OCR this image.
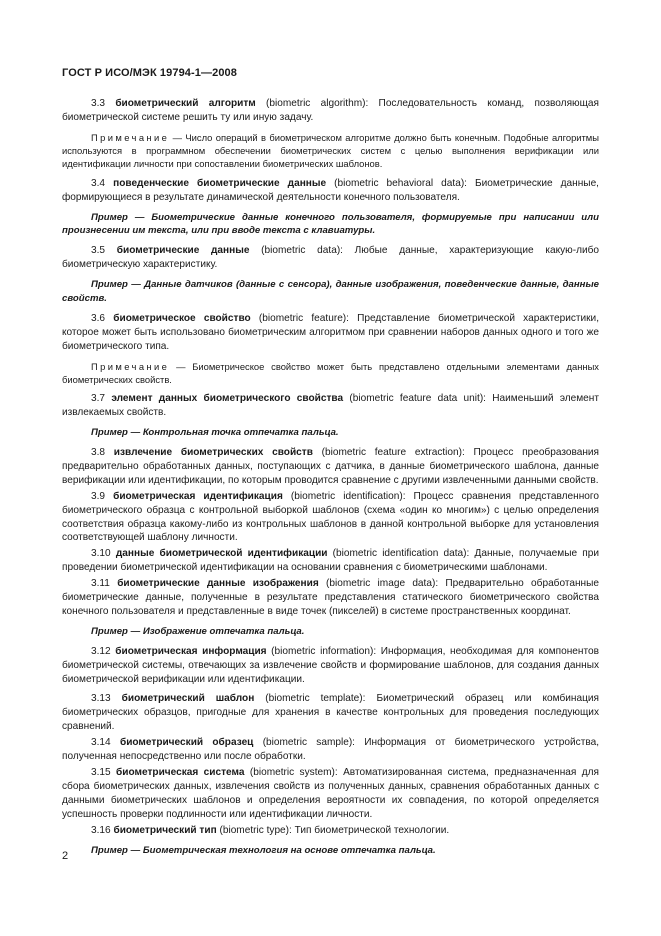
ГОСТ Р ИСО/МЭК 19794-1—2008

3.3 биометрический алгоритм (biometric algorithm): Последовательность команд, позволяющая биометрической системе решить ту или иную задачу.

Примечание — Число операций в биометрическом алгоритме должно быть конечным. Подобные алгоритмы используются в программном обеспечении биометрических систем с целью выполнения верификации или идентификации личности при сопоставлении биометрических шаблонов.

3.4 поведенческие биометрические данные (biometric behavioral data): Биометрические данные, формирующиеся в результате динамической деятельности конечного пользователя.

Пример — Биометрические данные конечного пользователя, формируемые при написании или произнесении им текста, или при вводе текста с клавиатуры.

3.5 биометрические данные (biometric data): Любые данные, характеризующие какую-либо биометрическую характеристику.

Пример — Данные датчиков (данные с сенсора), данные изображения, поведенческие данные, данные свойств.

3.6 биометрическое свойство (biometric feature): Представление биометрической характеристики, которое может быть использовано биометрическим алгоритмом при сравнении наборов данных одного и того же биометрического типа.

Примечание — Биометрическое свойство может быть представлено отдельными элементами данных биометрических свойств.

3.7 элемент данных биометрического свойства (biometric feature data unit): Наименьший элемент извлекаемых свойств.

Пример — Контрольная точка отпечатка пальца.

3.8 извлечение биометрических свойств (biometric feature extraction): Процесс преобразования предварительно обработанных данных, поступающих с датчика, в данные биометрического шаблона, данные верификации или идентификации, по которым проводится сравнение с другими извлеченными данными свойств.

3.9 биометрическая идентификация (biometric identification): Процесс сравнения представленного биометрического образца с контрольной выборкой шаблонов (схема «один ко многим») с целью определения соответствия образца какому-либо из контрольных шаблонов в данной контрольной выборке для установления соответствующей шаблону личности.

3.10 данные биометрической идентификации (biometric identification data): Данные, получаемые при проведении биометрической идентификации на основании сравнения с биометрическими шаблонами.

3.11 биометрические данные изображения (biometric image data): Предварительно обработанные биометрические данные, полученные в результате представления статического биометрического свойства конечного пользователя и представленные в виде точек (пикселей) в системе пространственных координат.

Пример — Изображение отпечатка пальца.

3.12 биометрическая информация (biometric information): Информация, необходимая для компонентов биометрической системы, отвечающих за извлечение свойств и формирование шаблонов, для создания данных биометрической верификации или идентификации.

3.13 биометрический шаблон (biometric template): Биометрический образец или комбинация биометрических образцов, пригодные для хранения в качестве контрольных для проведения последующих сравнений.

3.14 биометрический образец (biometric sample): Информация от биометрического устройства, полученная непосредственно или после обработки.

3.15 биометрическая система (biometric system): Автоматизированная система, предназначенная для сбора биометрических данных, извлечения свойств из полученных данных, сравнения обработанных данных с данными биометрических шаблонов и определения вероятности их совпадения, по которой определяется успешность проверки подлинности или идентификации личности.

3.16 биометрический тип (biometric type): Тип биометрической технологии.

Пример — Биометрическая технология на основе отпечатка пальца.

2
